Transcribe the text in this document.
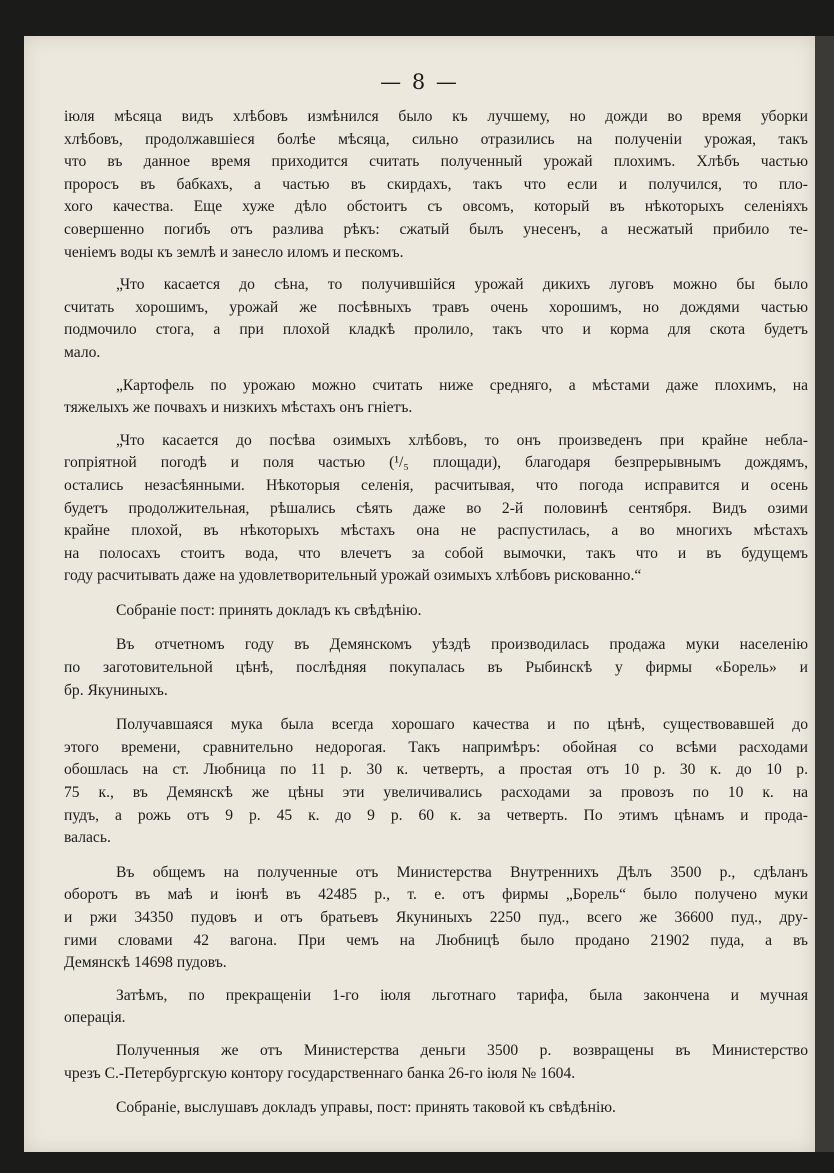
— 8 —
іюля мѣсяца видъ хлѣбовъ измѣнился было къ лучшему, но дожди во время уборки
хлѣбовъ, продолжавшіеся болѣе мѣсяца, сильно отразились на полученіи урожая, такъ
что въ данное время приходится считать полученный урожай плохимъ. Хлѣбъ частью
проросъ въ бабкахъ, а частью въ скирдахъ, такъ что если и получился, то пло-
хого качества. Еще хуже дѣло обстоитъ съ овсомъ, который въ нѣкоторыхъ селеніяхъ
совершенно погибъ отъ разлива рѣкъ: сжатый былъ унесенъ, а несжатый прибило те-
ченіемъ воды къ землѣ и занесло иломъ и пескомъ.
„Что касается до сѣна, то получившійся урожай дикихъ луговъ можно бы было
считать хорошимъ, урожай же посѣвныхъ травъ очень хорошимъ, но дождями частью
подмочило стога, а при плохой кладкѣ пролило, такъ что и корма для скота будетъ
мало.
„Картофель по урожаю можно считать ниже средняго, а мѣстами даже плохимъ, на
тяжелыхъ же почвахъ и низкихъ мѣстахъ онъ гніетъ.
„Что касается до посѣва озимыхъ хлѣбовъ, то онъ произведенъ при крайне небла-
гопріятной погодѣ и поля частью (¹/₅ площади), благодаря безпрерывнымъ дождямъ,
остались незасѣянными. Нѣкоторыя селенія, расчитывая, что погода исправится и осень
будетъ продолжительная, рѣшались сѣять даже во 2-й половинѣ сентября. Видъ озими
крайне плохой, въ нѣкоторыхъ мѣстахъ она не распустилась, а во многихъ мѣстахъ
на полосахъ стоитъ вода, что влечетъ за собой вымочки, такъ что и въ будущемъ
году расчитывать даже на удовлетворительный урожай озимыхъ хлѣбовъ рискованно.“
Собраніе пост: принять докладъ къ свѣдѣнію.
Въ отчетномъ году въ Демянскомъ уѣздѣ производилась продажа муки населенію
по заготовительной цѣнѣ, послѣдняя покупалась въ Рыбинскѣ у фирмы «Борель» и
бр. Якуниныхъ.
Получавшаяся мука была всегда хорошаго качества и по цѣнѣ, существовавшей до
этого времени, сравнительно недорогая. Такъ напримѣръ: обойная со всѣми расходами
обошлась на ст. Любница по 11 р. 30 к. четверть, а простая отъ 10 р. 30 к. до 10 р.
75 к., въ Демянскѣ же цѣны эти увеличивались расходами за провозъ по 10 к. на
пудъ, а рожь отъ 9 р. 45 к. до 9 р. 60 к. за четверть. По этимъ цѣнамъ и прода-
валась.
Въ общемъ на полученные отъ Министерства Внутреннихъ Дѣлъ 3500 р., сдѣланъ
оборотъ въ маѣ и іюнѣ въ 42485 р., т. е. отъ фирмы „Борель“ было получено муки
и ржи 34350 пудовъ и отъ братьевъ Якуниныхъ 2250 пуд., всего же 36600 пуд., дру-
гими словами 42 вагона. При чемъ на Любницѣ было продано 21902 пуда, а въ
Демянскѣ 14698 пудовъ.
Затѣмъ, по прекращеніи 1-го іюля льготнаго тарифа, была закончена и мучная
операція.
Полученныя же отъ Министерства деньги 3500 р. возвращены въ Министерство
чрезъ С.-Петербургскую контору государственнаго банка 26-го іюля № 1604.
Собраніе, выслушавъ докладъ управы, пост: принять таковой къ свѣдѣнію.
